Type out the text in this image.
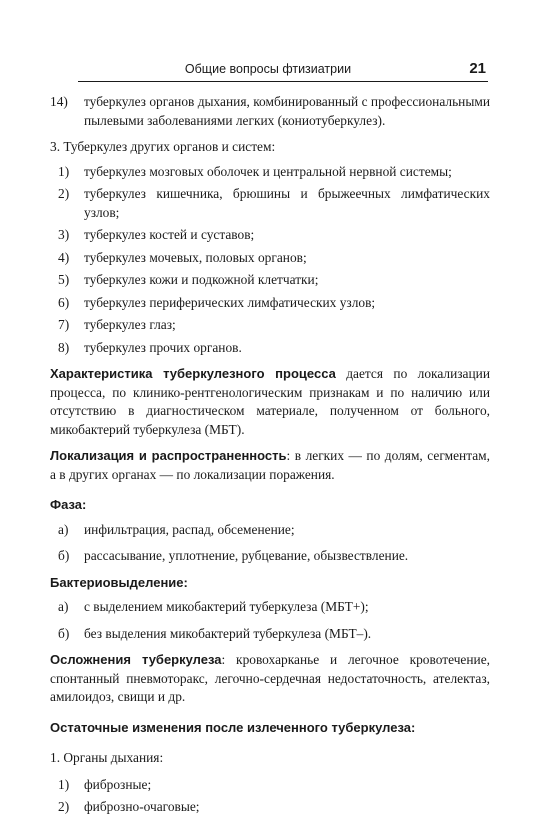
Общие вопросы фтизиатрии	21
14) туберкулез органов дыхания, комбинированный с профессиональными пылевыми заболеваниями легких (кониотуберкулез).

3. Туберкулез других органов и систем:

1) туберкулез мозговых оболочек и центральной нервной системы;
2) туберкулез кишечника, брюшины и брыжеечных лимфатических узлов;
3) туберкулез костей и суставов;
4) туберкулез мочевых, половых органов;
5) туберкулез кожи и подкожной клетчатки;
6) туберкулез периферических лимфатических узлов;
7) туберкулез глаз;
8) туберкулез прочих органов.

Характеристика туберкулезного процесса дается по локализации процесса, по клинико-рентгенологическим признакам и по наличию или отсутствию в диагностическом материале, полученном от больного, микобактерий туберкулеза (МБТ).

Локализация и распространенность: в легких — по долям, сегментам, а в других органах — по локализации поражения.

Фаза:

а) инфильтрация, распад, обсеменение;
б) рассасывание, уплотнение, рубцевание, обызвествление.

Бактериовыделение:

а) с выделением микобактерий туберкулеза (МБТ+);
б) без выделения микобактерий туберкулеза (МБТ–).

Осложнения туберкулеза: кровохарканье и легочное кровотечение, спонтанный пневмоторакс, легочно-сердечная недостаточность, ателектаз, амилоидоз, свищи и др.

Остаточные изменения после излеченного туберкулеза:

1. Органы дыхания:

1) фиброзные;
2) фиброзно-очаговые;
